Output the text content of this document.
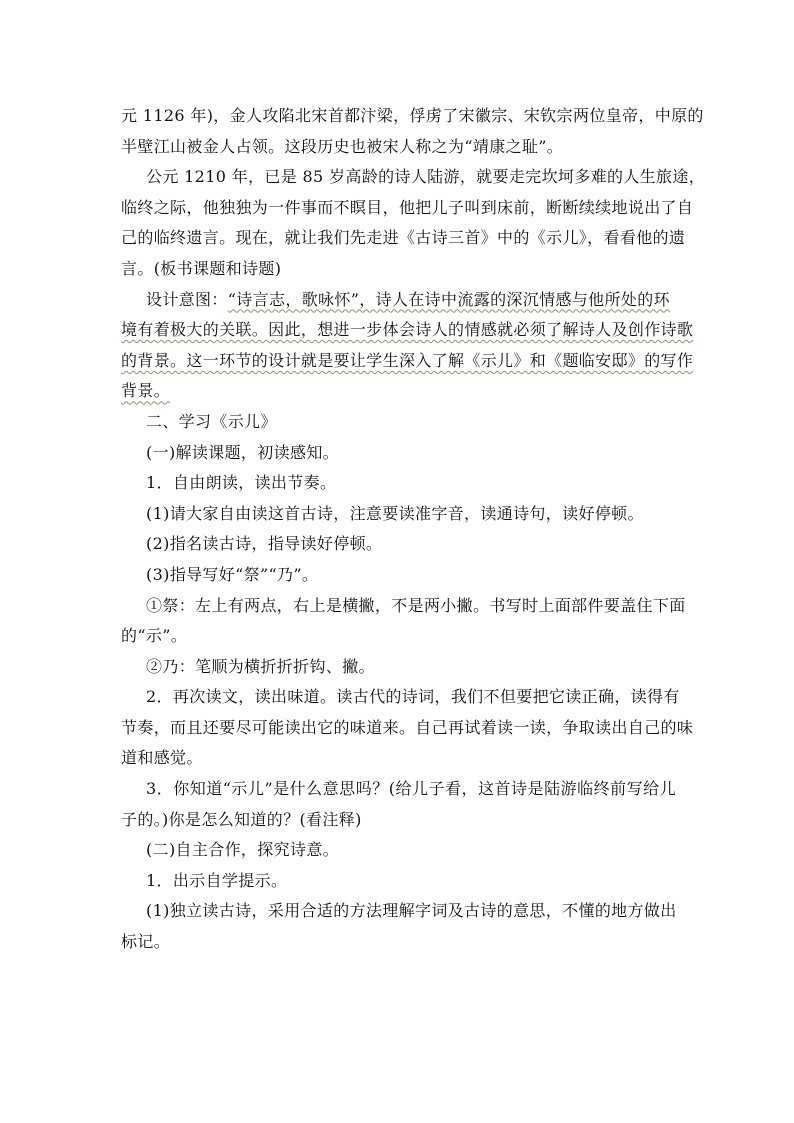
元 1126 年)，金人攻陷北宋首都汴梁，俘虏了宋徽宗、宋钦宗两位皇帝，中原的
半壁江山被金人占领。这段历史也被宋人称之为“靖康之耻”。
公元 1210 年，已是 85 岁高龄的诗人陆游，就要走完坎坷多难的人生旅途，
临终之际，他独独为一件事而不瞑目，他把儿子叫到床前，断断续续地说出了自
己的临终遗言。现在，就让我们先走进《古诗三首》中的《示儿》，看看他的遗
言。(板书课题和诗题)
设计意图：“诗言志，歌咏怀”，诗人在诗中流露的深沉情感与他所处的环
境有着极大的关联。因此，想进一步体会诗人的情感就必须了解诗人及创作诗歌
的背景。这一环节的设计就是要让学生深入了解《示儿》和《题临安邸》的写作
背景。
二、学习《示儿》
(一)解读课题，初读感知。
1．自由朗读，读出节奏。
(1)请大家自由读这首古诗，注意要读准字音，读通诗句，读好停顿。
(2)指名读古诗，指导读好停顿。
(3)指导写好“祭”“乃”。
①祭：左上有两点，右上是横撇，不是两小撇。书写时上面部件要盖住下面
的“示”。
②乃：笔顺为横折折折钩、撇。
2．再次读文，读出味道。读古代的诗词，我们不但要把它读正确，读得有
节奏，而且还要尽可能读出它的味道来。自己再试着读一读，争取读出自己的味
道和感觉。
3．你知道“示儿”是什么意思吗？(给儿子看，这首诗是陆游临终前写给儿
子的。)你是怎么知道的？(看注释)
(二)自主合作，探究诗意。
1．出示自学提示。
(1)独立读古诗，采用合适的方法理解字词及古诗的意思，不懂的地方做出
标记。
